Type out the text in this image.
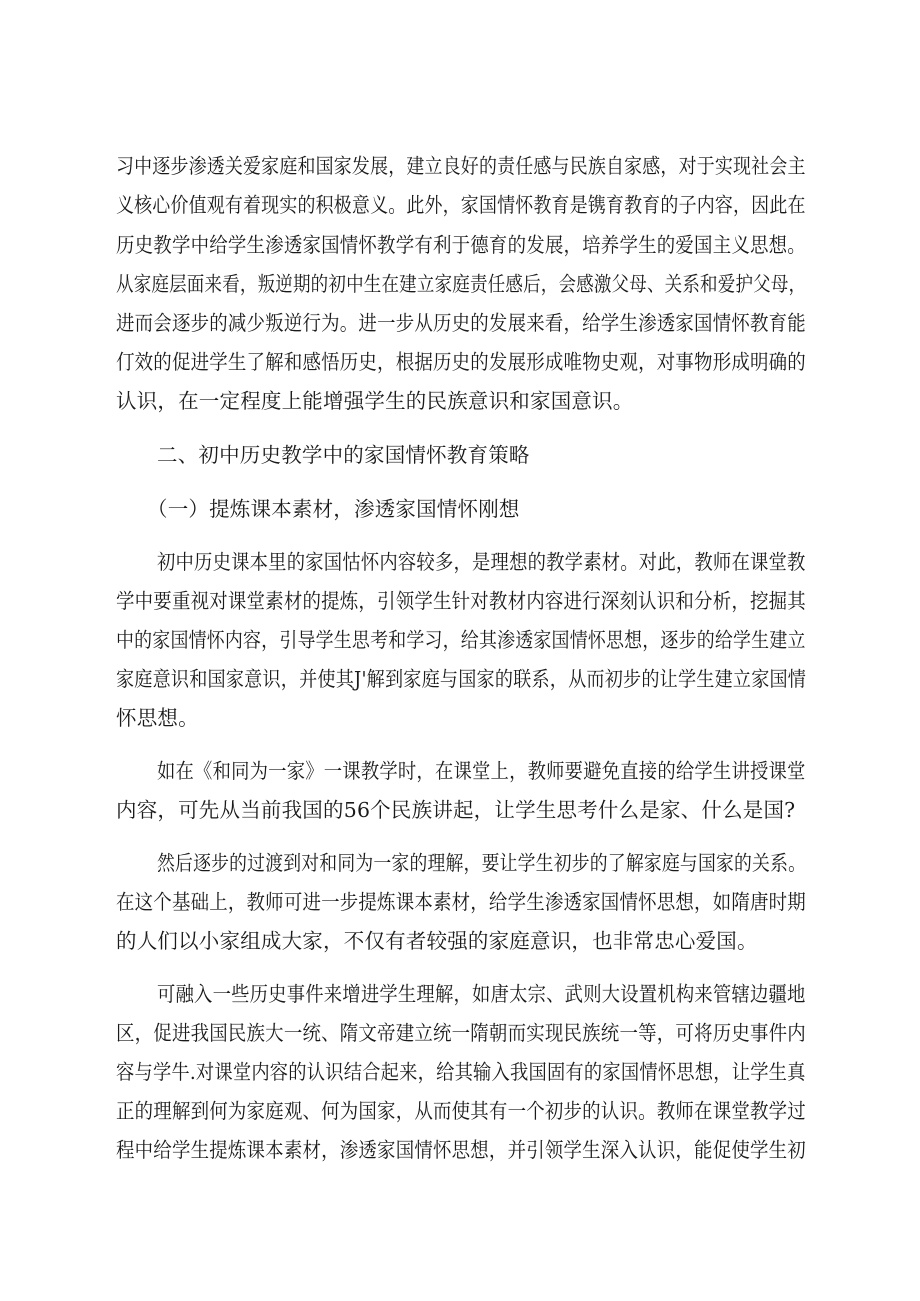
习中逐步渗透关爱家庭和国家发展，建立良好的责任感与民族自家感，对于实现社会主
义核心价值观有着现实的积极意义。此外，家国情怀教育是镌育教育的子内容，因此在
历史教学中给学生渗透家国情怀教学有利于德育的发展，培养学生的爱国主义思想。
从家庭层面来看，叛逆期的初中生在建立家庭责任感后，会感激父母、关系和爱护父母，
进而会逐步的减少叛逆行为。进一步从历史的发展来看，给学生渗透家国情怀教育能
仃效的促进学生了解和感悟历史，根据历史的发展形成唯物史观，对事物形成明确的
认识，在一定程度上能增强学生的民族意识和家国意识。
二、初中历史教学中的家国情怀教育策略
（一）提炼课本素材，渗透家国情怀刚想
初中历史课本里的家国怙怀内容较多，是理想的教学素材。对此，教师在课堂教
学中要重视对课堂素材的提炼，引领学生针对教材内容进行深刻认识和分析，挖掘其
中的家国情怀内容，引导学生思考和学习，给其渗透家国情怀思想，逐步的给学生建立
家庭意识和国家意识，并使其J'解到家庭与国家的联系，从而初步的让学生建立家国情
怀思想。
如在《和同为一家》一课教学时，在课堂上，教师要避免直接的给学生讲授课堂
内容，可先从当前我国的56个民族讲起，让学生思考什么是家、什么是国?
然后逐步的过渡到对和同为一家的理解，要让学生初步的了解家庭与国家的关系。
在这个基础上，教师可进一步提炼课本素材，给学生渗透家国情怀思想，如隋唐时期
的人们以小家组成大家，不仅有者较强的家庭意识，也非常忠心爱国。
可融入一些历史事件来增进学生理解，如唐太宗、武则大设置机构来管辖边疆地
区，促进我国民族大一统、隋文帝建立统一隋朝而实现民族统一等，可将历史事件内
容与学牛.对课堂内容的认识结合起来，给其输入我国固有的家国情怀思想，让学生真
正的理解到何为家庭观、何为国家，从而使其有一个初步的认识。教师在课堂教学过
程中给学生提炼课本素材，渗透家国情怀思想，并引领学生深入认识，能促使学生初
